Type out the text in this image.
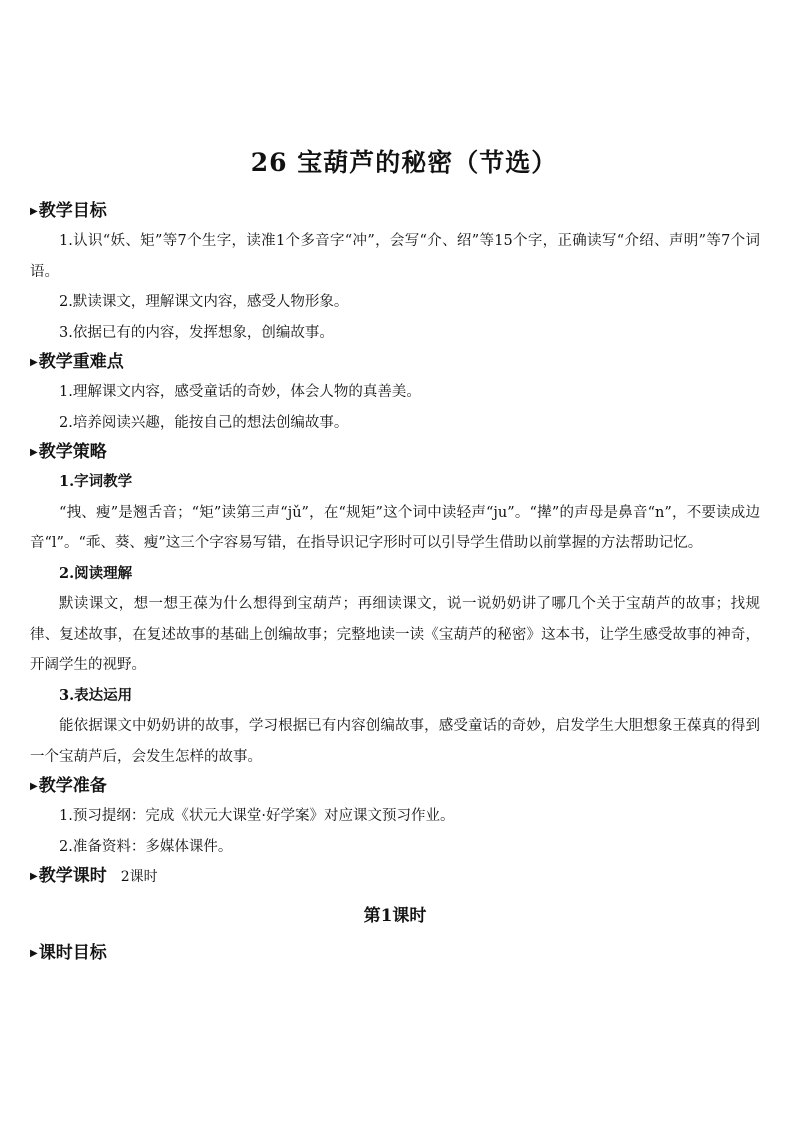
26 宝葫芦的秘密（节选）
▶教学目标

1.认识“妖、矩”等7个生字，读准1个多音字“冲”，会写“介、绍”等15个字，正确读写“介绍、声明”等7个词语。

2.默读课文，理解课文内容，感受人物形象。

3.依据已有的内容，发挥想象，创编故事。

▶教学重难点

1.理解课文内容，感受童话的奇妙，体会人物的真善美。

2.培养阅读兴趣，能按自己的想法创编故事。

▶教学策略

1.字词教学

“拽、瘦”是翘舌音；“矩”读第三声“jǔ”，在“规矩”这个词中读轻声“ju”。“撵”的声母是鼻音“n”，不要读成边音“l”。“乖、葵、瘦”这三个字容易写错，在指导识记字形时可以引导学生借助以前掌握的方法帮助记忆。

2.阅读理解

默读课文，想一想王葆为什么想得到宝葫芦；再细读课文，说一说奶奶讲了哪几个关于宝葫芦的故事；找规律、复述故事，在复述故事的基础上创编故事；完整地读一读《宝葫芦的秘密》这本书，让学生感受故事的神奇，开阔学生的视野。

3.表达运用

能依据课文中奶奶讲的故事，学习根据已有内容创编故事，感受童话的奇妙，启发学生大胆想象王葆真的得到一个宝葫芦后，会发生怎样的故事。

▶教学准备

1.预习提纲：完成《状元大课堂·好学案》对应课文预习作业。

2.准备资料：多媒体课件。

▶教学课时 2课时
第1课时
▶课时目标
